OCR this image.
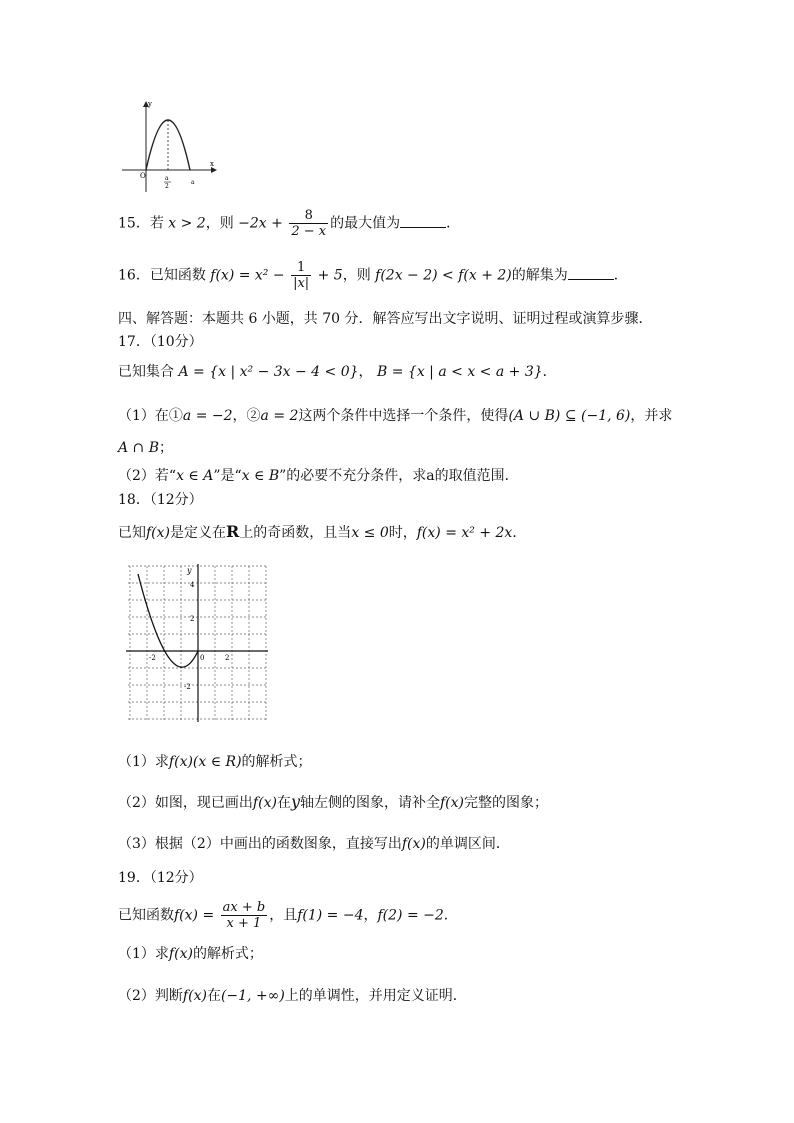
y
x
O	a
2
a
15．若 x > 2，则 $-2x + \frac{8}{2 - x}$ 的最大值为	．
16．已知函数 $f(x) = x^2 - \frac{1}{|x|} + 5$，则 f(2x − 2) < f(x + 2)的解集为	．
四、解答题：本题共 6 小题，共 70 分．解答应写出文字说明、证明过程或演算步骤．
17．（10分）
已知集合 A = {x | x² − 3x − 4 < 0}， B = {x | a < x < a + 3}．
（1）在①a = −2，②a = 2这两个条件中选择一个条件，使得(A ∪ B) ⊆ (−1, 6)，并求
A ∩ B；
（2）若“x ∈ A”是“x ∈ B”的必要不充分条件，求a的取值范围．
18．（12分）
已知f(x)是定义在R上的奇函数，且当x ≤ 0时，f(x) = x² + 2x．
y
4
2
-2
-2	0	2
（1）求f(x)(x ∈ R)的解析式；
（2）如图，现已画出f(x)在y轴左侧的图象，请补全f(x)完整的图象；
（3）根据（2）中画出的函数图象，直接写出f(x)的单调区间．
19．（12分）
已知函数$f(x) = \frac{ax + b}{x + 1}$ ，且f(1) = −4，f(2) = −2．
（1）求f(x)的解析式；
（2）判断f(x)在(−1, +∞)上的单调性，并用定义证明．
